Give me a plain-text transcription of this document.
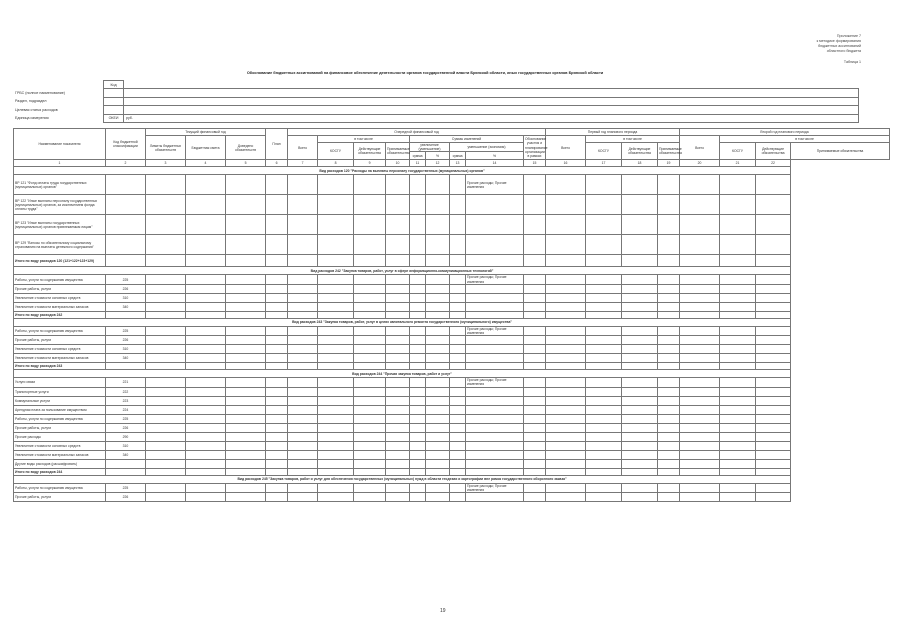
Приложение 7
к методике формирования
бюджетных ассигнований
областного бюджета
Таблица 1
Обоснование бюджетных ассигнований на финансовое обеспечение деятельности органов государственной власти Брянской области, иных государственных органов Брянской области
	Код	
ГРБС (полное наименование)		
Раздел, подраздел		
Целевая статья расходов		
Единица измерения	ОКЕИ	руб.
Наименование показателя	Код бюджетной классификации	Текущий финансовый год			План	Очередной финансовый год									Первый год планового периода				Второй год планового периода			
		Лимиты бюджетных обязательств	Бюджетная смета	Доведено обязательств		Всего	в том числе			Суммы изменений				Обоснование участия и планирование организации в рамках	Всего	в том числе			Всего	в том числе		
							КОСГУ	Действующие обязательства	Принимаемые обязательства	увеличение (уменьшение)		уменьшение (экономия)				КОСГУ	Действующие обязательства	Принимаемые обязательства		КОСГУ	Действующие обязательства	Принимаемые обязательства
										сумма	%	сумма	%									
1	2	3	4	5	6	7	8	9	10	11	12	13	14	15	16	17	18	19	20	21	22	
Вид расходов 120 "Расходы на выплаты персоналу государственных (муниципальных) органов"																						
ВР 121 "Фонд оплаты труда государственных (муниципальных) органов"													Прочие расходы; Прочие изменения									
ВР 122 "Иные выплаты персоналу государственных (муниципальных) органов, за исключением фонда оплаты труда"																						
ВР 123 "Иные выплаты государственных (муниципальных) органов привлекаемым лицам"																						
ВР 129 "Взносы по обязательному социальному страхованию на выплаты денежного содержания"																						
Итого по виду расходов 120 (121+122+123+129)																						
Вид расходов 242 "Закупка товаров, работ, услуг в сфере информационно-коммуникационных технологий"																						
Работы, услуги по содержанию имущества	225												Прочие расходы; Прочие изменения									
Прочие работы, услуги	226																					
Увеличение стоимости основных средств	310																					
Увеличение стоимости материальных запасов	340																					
Итого по виду расходов 242																						
Вид расходов 243 "Закупка товаров, работ, услуг в целях капитального ремонта государственного (муниципального) имущества"																						
Работы, услуги по содержанию имущества	225												Прочие расходы; Прочие изменения									
Прочие работы, услуги	226																					
Увеличение стоимости основных средств	310																					
Увеличение стоимости материальных запасов	340																					
Итого по виду расходов 243																						
Вид расходов 244 "Прочая закупка товаров, работ и услуг"																						
Услуги связи	221												Прочие расходы; Прочие изменения									
Транспортные услуги	222																					
Коммунальные услуги	223																					
Арендная плата за пользование имуществом	224																					
Работы, услуги по содержанию имущества	225																					
Прочие работы, услуги	226																					
Прочие расходы	290																					
Увеличение стоимости основных средств	310																					
Увеличение стоимости материальных запасов	340																					
Другие виды расходов (расшифровать)																						
Итого по виду расходов 244																						
Вид расходов 245 "Закупка товаров, работ и услуг для обеспечения государственных (муниципальных) нужд в области геодезии и картографии вне рамок государственного оборонного заказа"																						
Работы, услуги по содержанию имущества	225												Прочие расходы; Прочие изменения									
Прочие работы, услуги	226																					
19
